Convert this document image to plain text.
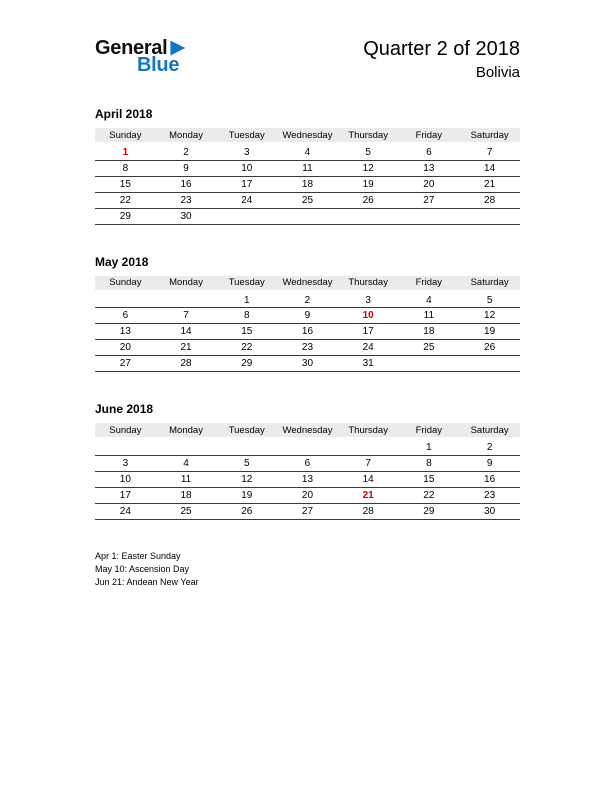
General
Blue
Quarter 2 of 2018
Bolivia
April 2018
Sunday	Monday	Tuesday	Wednesday	Thursday	Friday	Saturday
1	2	3	4	5	6	7
8	9	10	11	12	13	14
15	16	17	18	19	20	21
22	23	24	25	26	27	28
29	30					
May 2018
Sunday	Monday	Tuesday	Wednesday	Thursday	Friday	Saturday
		1	2	3	4	5
6	7	8	9	10	11	12
13	14	15	16	17	18	19
20	21	22	23	24	25	26
27	28	29	30	31		
June 2018
Sunday	Monday	Tuesday	Wednesday	Thursday	Friday	Saturday
					1	2
3	4	5	6	7	8	9
10	11	12	13	14	15	16
17	18	19	20	21	22	23
24	25	26	27	28	29	30
Apr 1: Easter Sunday
May 10: Ascension Day
Jun 21: Andean New Year
